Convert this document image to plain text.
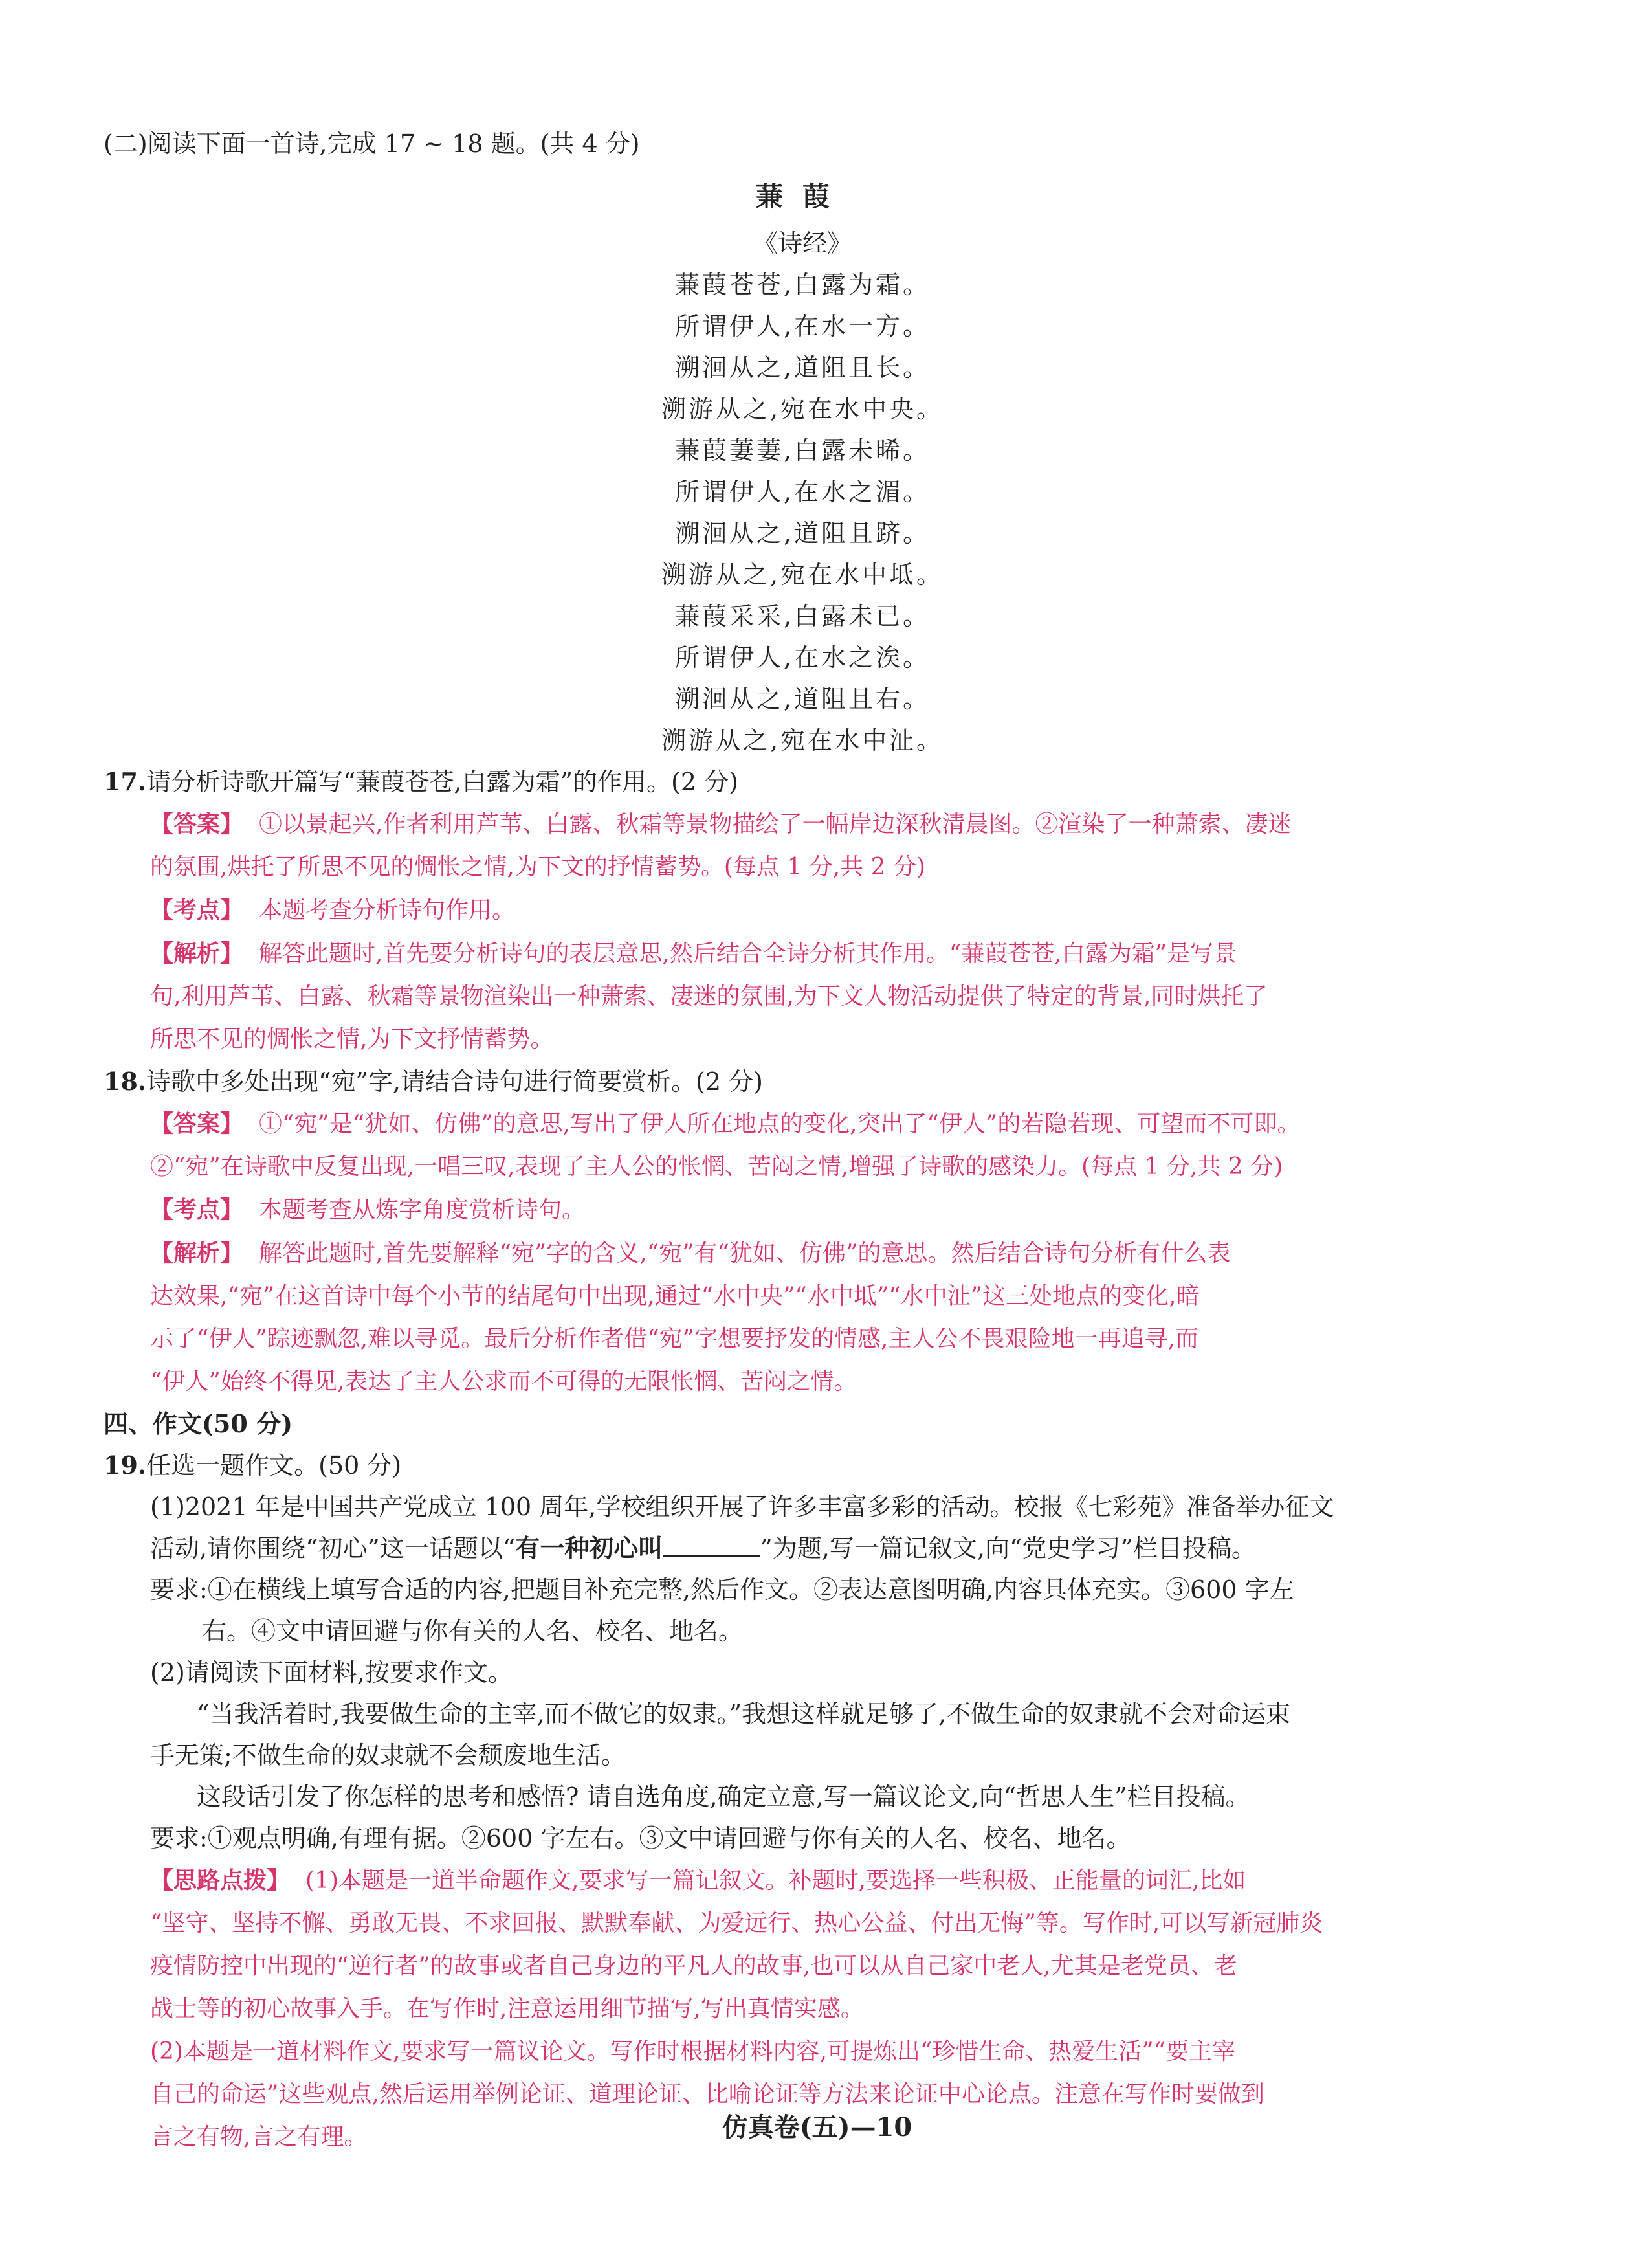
(二)阅读下面一首诗,完成 17 ~ 18 题。(共 4 分)
蒹葭
《诗经》
蒹葭苍苍,白露为霜。
所谓伊人,在水一方。
溯洄从之,道阻且长。
溯游从之,宛在水中央。
蒹葭萋萋,白露未晞。
所谓伊人,在水之湄。
溯洄从之,道阻且跻。
溯游从之,宛在水中坻。
蒹葭采采,白露未已。
所谓伊人,在水之涘。
溯洄从之,道阻且右。
溯游从之,宛在水中沚。
17.请分析诗歌开篇写“蒹葭苍苍,白露为霜”的作用。(2 分)
【答案】 ①以景起兴,作者利用芦苇、白露、秋霜等景物描绘了一幅岸边深秋清晨图。②渲染了一种萧索、凄迷
的氛围,烘托了所思不见的惆怅之情,为下文的抒情蓄势。(每点 1 分,共 2 分)
【考点】 本题考查分析诗句作用。
【解析】 解答此题时,首先要分析诗句的表层意思,然后结合全诗分析其作用。“蒹葭苍苍,白露为霜”是写景
句,利用芦苇、白露、秋霜等景物渲染出一种萧索、凄迷的氛围,为下文人物活动提供了特定的背景,同时烘托了
所思不见的惆怅之情,为下文抒情蓄势。
18.诗歌中多处出现“宛”字,请结合诗句进行简要赏析。(2 分)
【答案】 ①“宛”是“犹如、仿佛”的意思,写出了伊人所在地点的变化,突出了“伊人”的若隐若现、可望而不可即。
②“宛”在诗歌中反复出现,一唱三叹,表现了主人公的怅惘、苦闷之情,增强了诗歌的感染力。(每点 1 分,共 2 分)
【考点】 本题考查从炼字角度赏析诗句。
【解析】 解答此题时,首先要解释“宛”字的含义,“宛”有“犹如、仿佛”的意思。然后结合诗句分析有什么表
达效果,“宛”在这首诗中每个小节的结尾句中出现,通过“水中央”“水中坻”“水中沚”这三处地点的变化,暗
示了“伊人”踪迹飘忽,难以寻觅。最后分析作者借“宛”字想要抒发的情感,主人公不畏艰险地一再追寻,而
“伊人”始终不得见,表达了主人公求而不可得的无限怅惘、苦闷之情。
四、作文(50 分)
19.任选一题作文。(50 分)
(1)2021 年是中国共产党成立 100 周年,学校组织开展了许多丰富多彩的活动。校报《七彩苑》准备举办征文
活动,请你围绕“初心”这一话题以“有一种初心叫	”为题,写一篇记叙文,向“党史学习”栏目投稿。
要求:①在横线上填写合适的内容,把题目补充完整,然后作文。②表达意图明确,内容具体充实。③600 字左
右。④文中请回避与你有关的人名、校名、地名。
(2)请阅读下面材料,按要求作文。
“当我活着时,我要做生命的主宰,而不做它的奴隶。”我想这样就足够了,不做生命的奴隶就不会对命运束
手无策;不做生命的奴隶就不会颓废地生活。
这段话引发了你怎样的思考和感悟? 请自选角度,确定立意,写一篇议论文,向“哲思人生”栏目投稿。
要求:①观点明确,有理有据。②600 字左右。③文中请回避与你有关的人名、校名、地名。
【思路点拨】 (1)本题是一道半命题作文,要求写一篇记叙文。补题时,要选择一些积极、正能量的词汇,比如
“坚守、坚持不懈、勇敢无畏、不求回报、默默奉献、为爱远行、热心公益、付出无悔”等。写作时,可以写新冠肺炎
疫情防控中出现的“逆行者”的故事或者自己身边的平凡人的故事,也可以从自己家中老人,尤其是老党员、老
战士等的初心故事入手。在写作时,注意运用细节描写,写出真情实感。
(2)本题是一道材料作文,要求写一篇议论文。写作时根据材料内容,可提炼出“珍惜生命、热爱生活”“要主宰
自己的命运”这些观点,然后运用举例论证、道理论证、比喻论证等方法来论证中心论点。注意在写作时要做到
言之有物,言之有理。	仿真卷(五)—10
